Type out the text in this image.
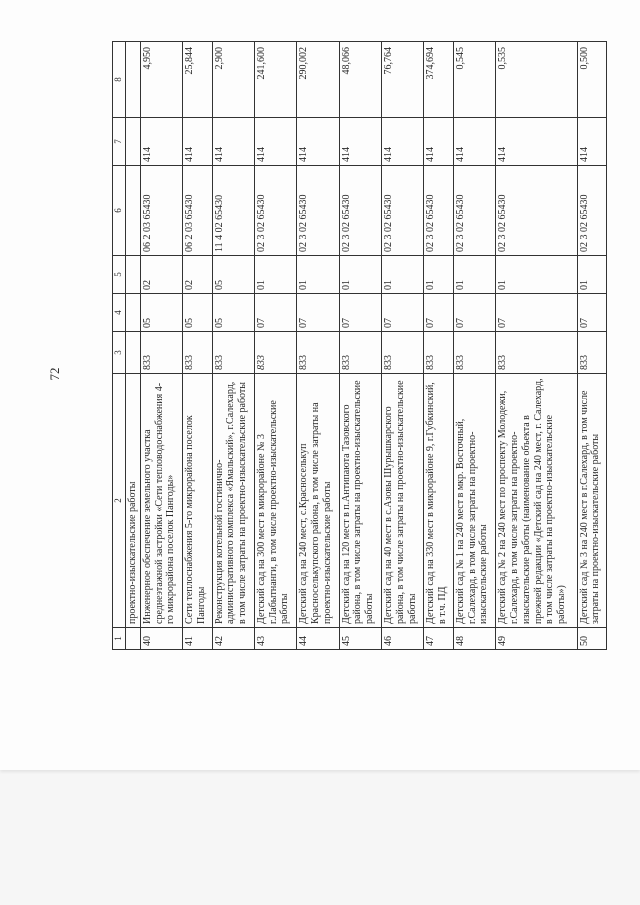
72
1	2	3	4	5	6	7	8
	проектно-изыскательские работы						
40	Инженерное обеспечение земельного участка среднеэтажной застройки «Сети тепловодоснабжения 4-го микрорайона поселок Пангоды»	833	05	02	06 2 03 65430	414	4,950
41	Сети теплоснабжения 5-го микрорайона поселок Пангоды	833	05	02	06 2 03 65430	414	25,844
42	Реконструкция котельной гостинично-административного комплекса «Ямальский», г.Салехард, в том числе затраты на проектно-изыскательские работы	833	05	05	11 4 02 65430	414	2,900
43	Детский сад на 300 мест в микрорайоне № 3 г.Лабытнанги, в том числе проектно-изыскательские работы	833	07	01	02 3 02 65430	414	241,600
44	Детский сад на 240 мест, с.Красноселькуп Красноселькупского района, в том числе затраты на проектно-изыскательские работы	833	07	01	02 3 02 65430	414	290,002
45	Детский сад на 120 мест в п.Антипаюта Тазовского района, в том числе затраты на проектно-изыскательские работы	833	07	01	02 3 02 65430	414	48,066
46	Детский сад на 40 мест в с.Азовы Шурышкарского района, в том числе затраты на проектно-изыскательские работы	833	07	01	02 3 02 65430	414	76,764
47	Детский сад на 330 мест в микрорайоне 9, г.Губкинский, в т.ч. ПД	833	07	01	02 3 02 65430	414	374,694
48	Детский сад № 1 на 240 мест в мкр. Восточный, г.Салехард, в том числе затраты на проектно-изыскательские работы	833	07	01	02 3 02 65430	414	0,545
49	Детский сад № 2 на 240 мест по проспекту Молодежи, г.Салехард, в том числе затраты на проектно-изыскательские работы (наименование объекта в прежней редакции «Детский сад на 240 мест, г. Салехард, в том числе затраты на проектно-изыскательские работы»)	833	07	01	02 3 02 65430	414	0,535
50	Детский сад № 3 на 240 мест в г.Салехард, в том числе затраты на проектно-изыскательские работы	833	07	01	02 3 02 65430	414	0,500
